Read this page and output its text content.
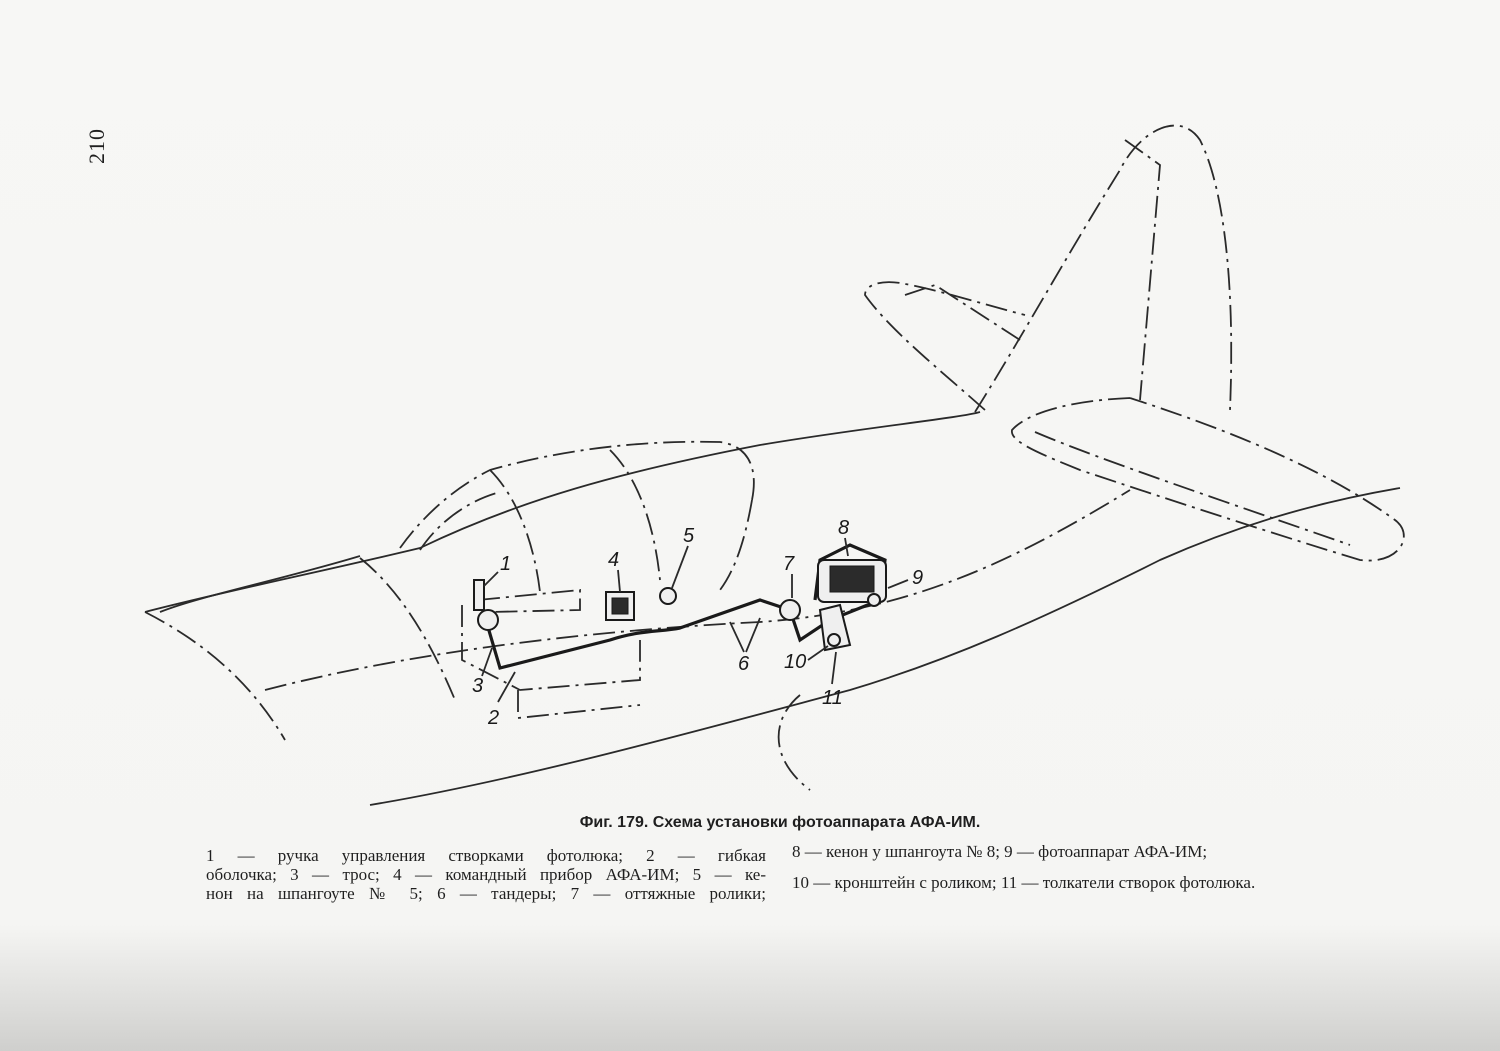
210
1
2
3
4
5
6
7
8
9
10
11
Фиг. 179. Схема установки фотоаппарата АФА-ИМ.

1 — ручка управления створками фотолюка; 2 — гибкая

оболочка; 3 — трос; 4 — командный прибор АФА-ИМ; 5 — ке-

нон на шпангоуте № 5; 6 — тандеры; 7 — оттяжные ролики;

8 — кенон у шпангоута № 8; 9 — фотоаппарат АФА-ИМ;

10 — кронштейн с роликом; 11 — толкатели створок фотолюка.
